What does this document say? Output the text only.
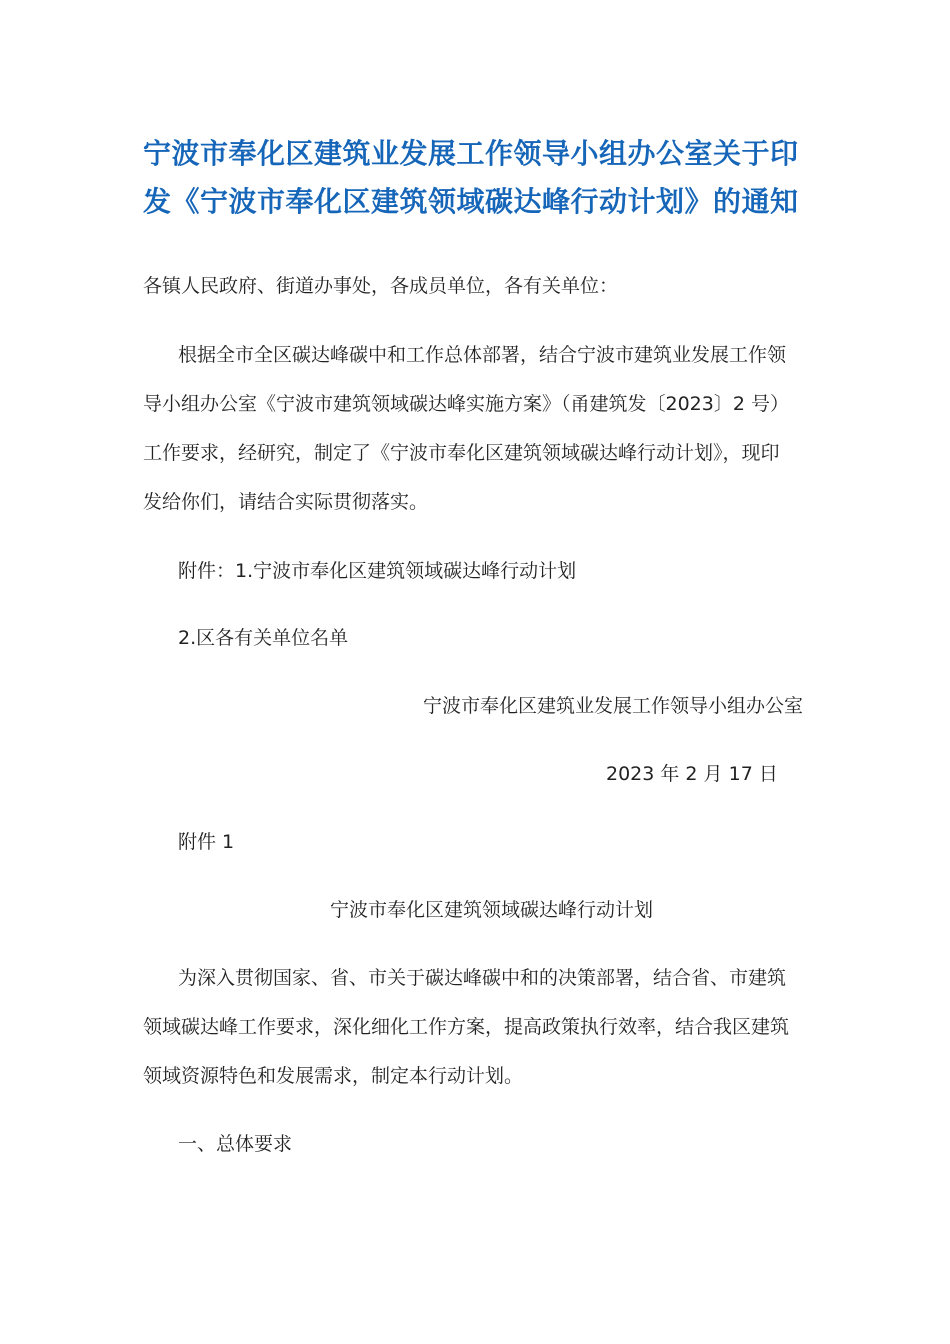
宁波市奉化区建筑业发展工作领导小组办公室关于印
发《宁波市奉化区建筑领域碳达峰行动计划》的通知

各镇人民政府、街道办事处，各成员单位，各有关单位：

根据全市全区碳达峰碳中和工作总体部署，结合宁波市建筑业发展工作领

导小组办公室《宁波市建筑领域碳达峰实施方案》（甬建筑发〔2023〕2 号）

工作要求，经研究，制定了《宁波市奉化区建筑领域碳达峰行动计划》，现印

发给你们，请结合实际贯彻落实。

附件：1.宁波市奉化区建筑领域碳达峰行动计划

2.区各有关单位名单

宁波市奉化区建筑业发展工作领导小组办公室

2023 年 2 月 17 日

附件 1

宁波市奉化区建筑领域碳达峰行动计划

为深入贯彻国家、省、市关于碳达峰碳中和的决策部署，结合省、市建筑

领域碳达峰工作要求，深化细化工作方案，提高政策执行效率，结合我区建筑

领域资源特色和发展需求，制定本行动计划。

一、总体要求
